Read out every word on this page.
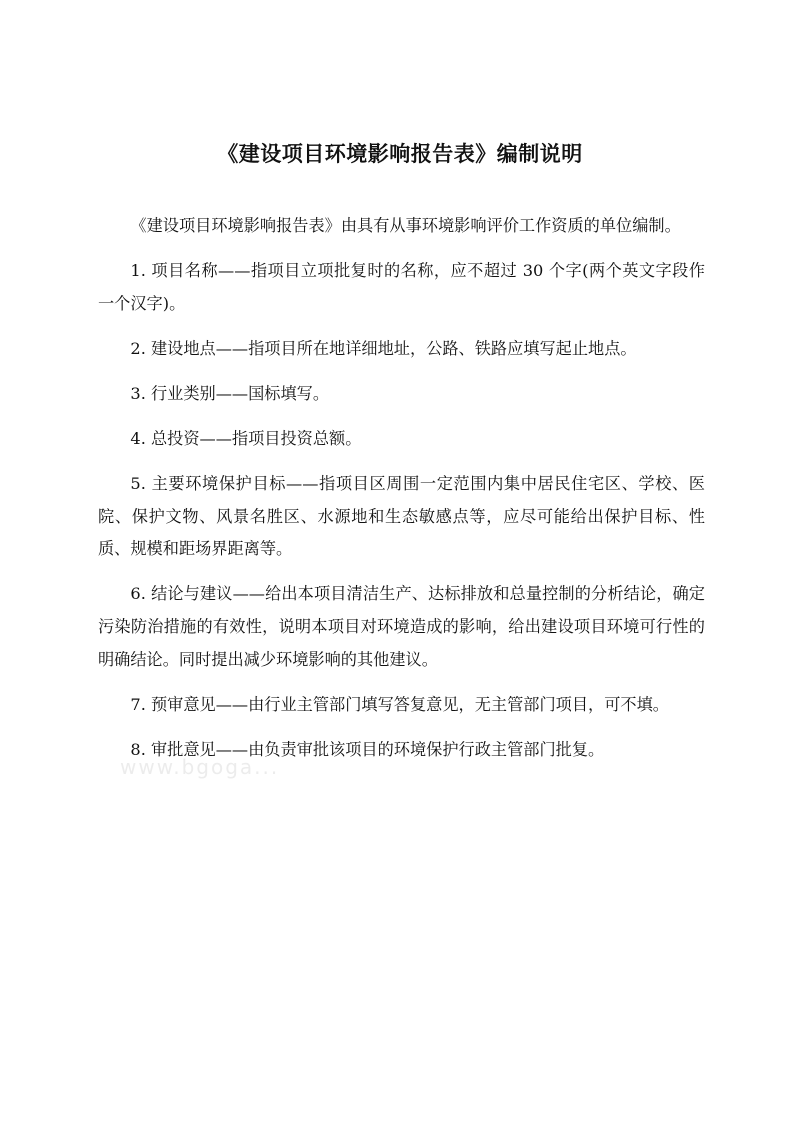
《建设项目环境影响报告表》编制说明

《建设项目环境影响报告表》由具有从事环境影响评价工作资质的单位编制。

1. 项目名称——指项目立项批复时的名称，应不超过 30 个字(两个英文字段作一个汉字)。

2. 建设地点——指项目所在地详细地址，公路、铁路应填写起止地点。

3. 行业类别——国标填写。

4. 总投资——指项目投资总额。

5. 主要环境保护目标——指项目区周围一定范围内集中居民住宅区、学校、医院、保护文物、风景名胜区、水源地和生态敏感点等，应尽可能给出保护目标、性质、规模和距场界距离等。

6. 结论与建议——给出本项目清洁生产、达标排放和总量控制的分析结论，确定污染防治措施的有效性，说明本项目对环境造成的影响，给出建设项目环境可行性的明确结论。同时提出减少环境影响的其他建议。

7. 预审意见——由行业主管部门填写答复意见，无主管部门项目，可不填。

8. 审批意见——由负责审批该项目的环境保护行政主管部门批复。

www.bgoga...
